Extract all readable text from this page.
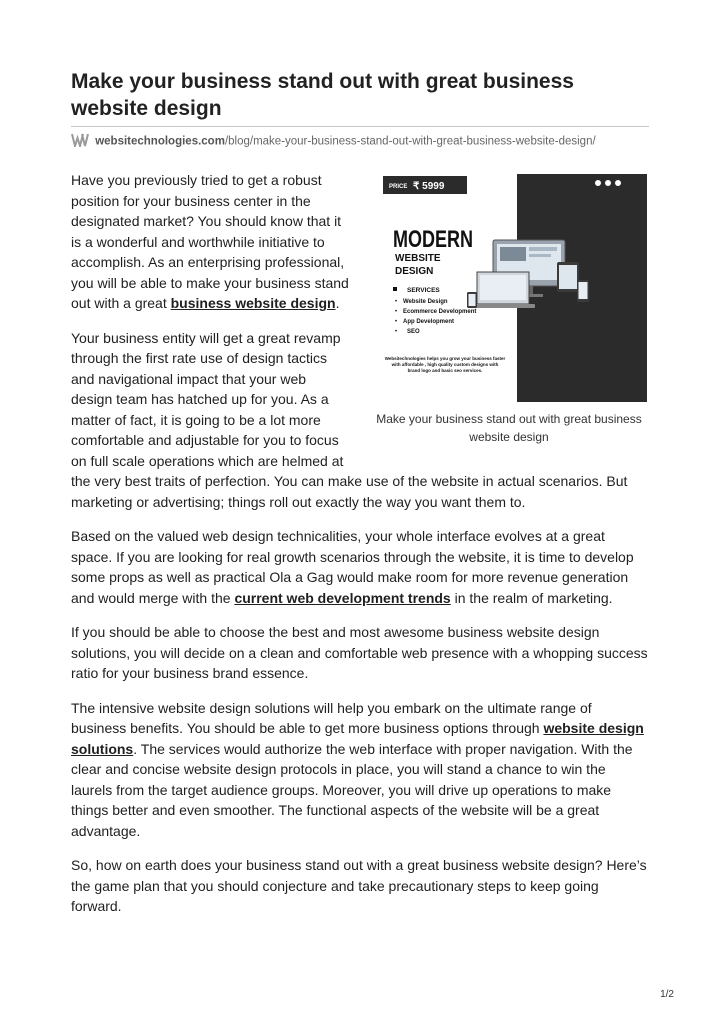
Make your business stand out with great business website design
websitechnologies.com/blog/make-your-business-stand-out-with-great-business-website-design/
PRICE ₹ 5999
MODERN
WEBSITE
DESIGN
SERVICES
• Website Design
• Ecommerce Development
• App Development
• SEO
Websitechnologies helps you grow your business faster
with affordable , high quality custom designs with
brand logo and basic seo services.
Make your business stand out with great business website design

Have you previously tried to get a robust position for your business center in the designated market? You should know that it is a wonderful and worthwhile initiative to accomplish. As an enterprising professional, you will be able to make your business stand out with a great business website design.

Your business entity will get a great revamp through the first rate use of design tactics and navigational impact that your web design team has hatched up for you. As a matter of fact, it is going to be a lot more comfortable and adjustable for you to focus on full scale operations which are helmed at the very best traits of perfection. You can make use of the website in actual scenarios. But marketing or advertising; things roll out exactly the way you want them to.

Based on the valued web design technicalities, your whole interface evolves at a great space. If you are looking for real growth scenarios through the website, it is time to develop some props as well as practical Ola a Gag would make room for more revenue generation and would merge with the current web development trends in the realm of marketing.

If you should be able to choose the best and most awesome business website design solutions, you will decide on a clean and comfortable web presence with a whopping success ratio for your business brand essence.

The intensive website design solutions will help you embark on the ultimate range of business benefits. You should be able to get more business options through website design solutions. The services would authorize the web interface with proper navigation. With the clear and concise website design protocols in place, you will stand a chance to win the laurels from the target audience groups. Moreover, you will drive up operations to make things better and even smoother. The functional aspects of the website will be a great advantage.

So, how on earth does your business stand out with a great business website design? Here’s the game plan that you should conjecture and take precautionary steps to keep going forward.

1/2
